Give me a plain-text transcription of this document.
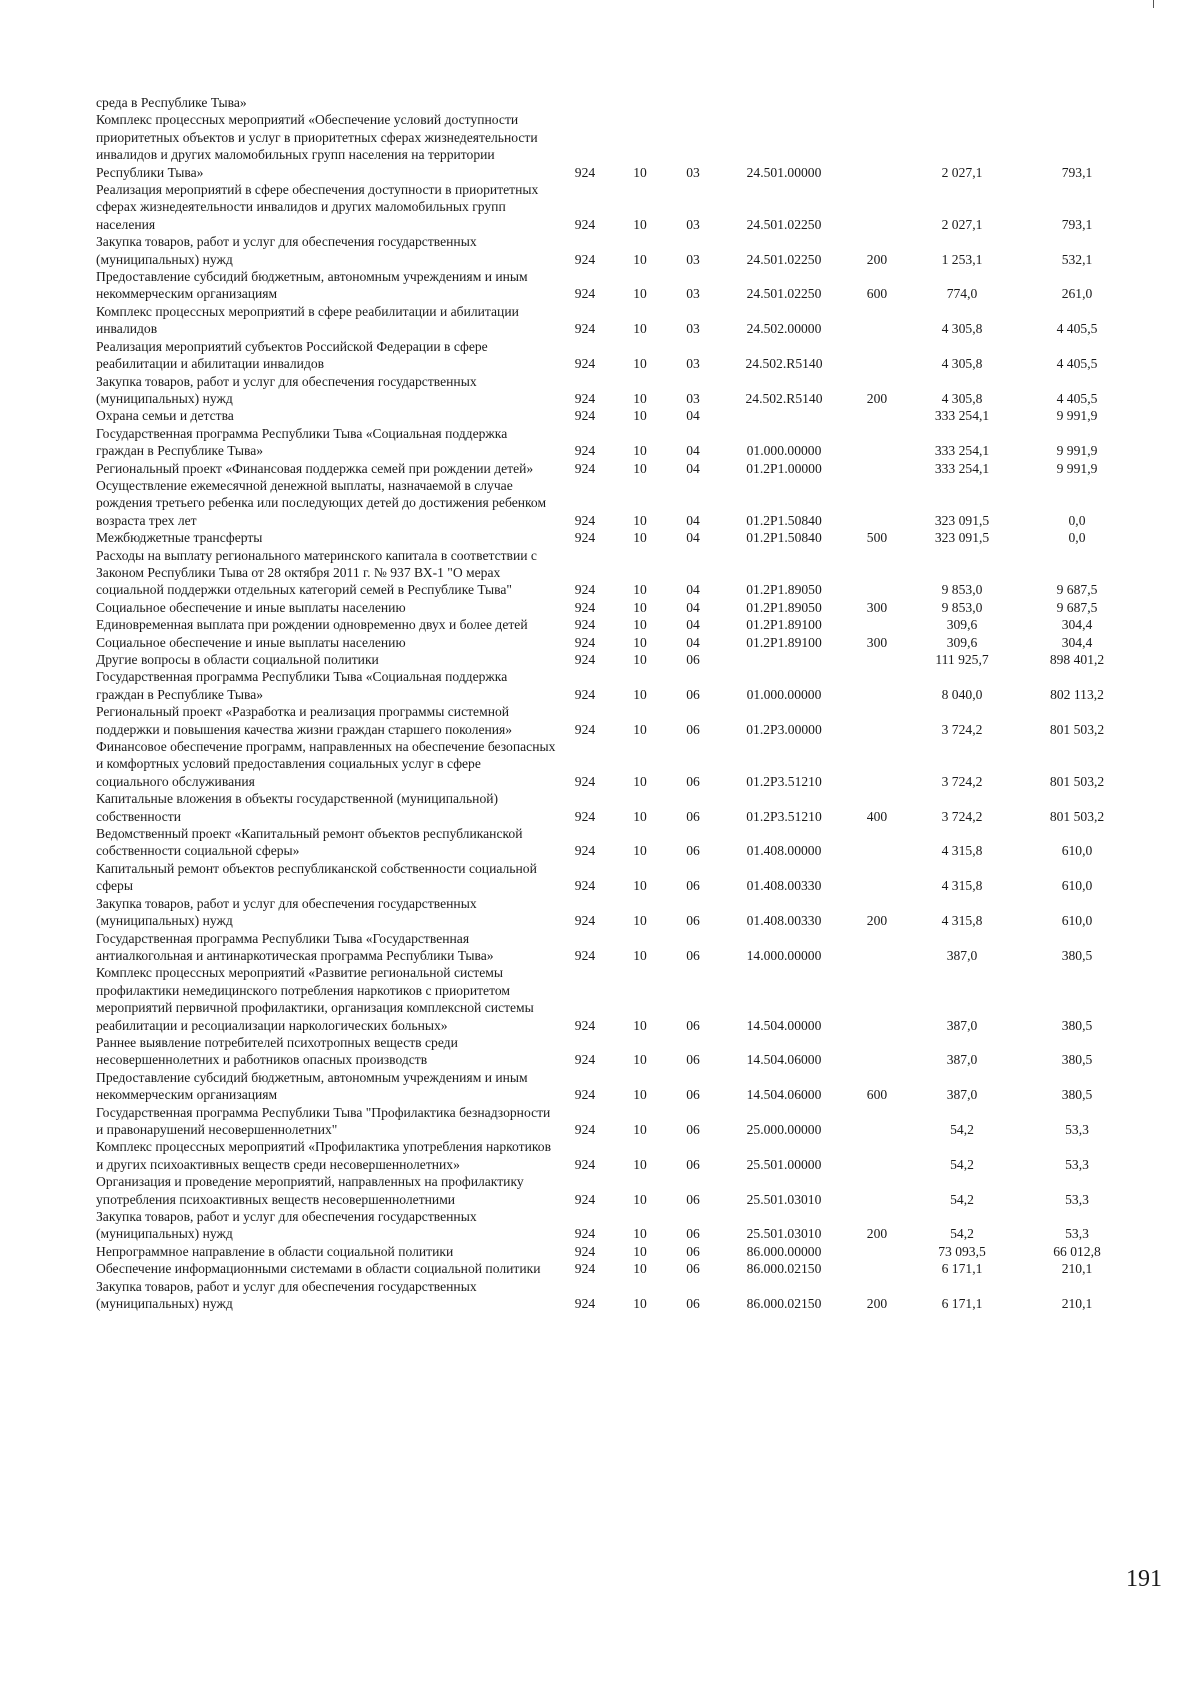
среда в Республике Тыва»							
Комплекс процессных мероприятий «Обеспечение условий доступности приоритетных объектов и услуг в приоритетных сферах жизнедеятельности инвалидов и других маломобильных групп населения на территории Республики Тыва»	924	10	03	24.501.00000		2 027,1	793,1
Реализация мероприятий в сфере обеспечения доступности в приоритетных сферах жизнедеятельности инвалидов и других маломобильных групп населения	924	10	03	24.501.02250		2 027,1	793,1
Закупка товаров, работ и услуг для обеспечения государственных (муниципальных) нужд	924	10	03	24.501.02250	200	1 253,1	532,1
Предоставление субсидий бюджетным, автономным учреждениям и иным некоммерческим организациям	924	10	03	24.501.02250	600	774,0	261,0
Комплекс процессных мероприятий в сфере реабилитации и абилитации инвалидов	924	10	03	24.502.00000		4 305,8	4 405,5
Реализация мероприятий субъектов Российской Федерации в сфере реабилитации и абилитации инвалидов	924	10	03	24.502.R5140		4 305,8	4 405,5
Закупка товаров, работ и услуг для обеспечения государственных (муниципальных) нужд	924	10	03	24.502.R5140	200	4 305,8	4 405,5
Охрана семьи и детства	924	10	04			333 254,1	9 991,9
Государственная программа Республики Тыва «Социальная поддержка граждан в Республике Тыва»	924	10	04	01.000.00000		333 254,1	9 991,9
Региональный проект «Финансовая поддержка семей при рождении детей»	924	10	04	01.2P1.00000		333 254,1	9 991,9
Осуществление ежемесячной денежной выплаты, назначаемой в случае рождения третьего ребенка или последующих детей до достижения ребенком возраста трех лет	924	10	04	01.2P1.50840		323 091,5	0,0
Межбюджетные трансферты	924	10	04	01.2P1.50840	500	323 091,5	0,0
Расходы на выплату регионального материнского капитала в соответствии с Законом Республики Тыва от 28 октября 2011 г. № 937 ВХ-1 "О мерах социальной поддержки отдельных категорий семей в Республике Тыва"	924	10	04	01.2P1.89050		9 853,0	9 687,5
Социальное обеспечение и иные выплаты населению	924	10	04	01.2P1.89050	300	9 853,0	9 687,5
Единовременная выплата при рождении одновременно двух и более детей	924	10	04	01.2P1.89100		309,6	304,4
Социальное обеспечение и иные выплаты населению	924	10	04	01.2P1.89100	300	309,6	304,4
Другие вопросы в области социальной политики	924	10	06			111 925,7	898 401,2
Государственная программа Республики Тыва «Социальная поддержка граждан в Республике Тыва»	924	10	06	01.000.00000		8 040,0	802 113,2
Региональный проект «Разработка и реализация программы системной поддержки и повышения качества жизни граждан старшего поколения»	924	10	06	01.2P3.00000		3 724,2	801 503,2
Финансовое обеспечение программ, направленных на обеспечение безопасных и комфортных условий предоставления социальных услуг в сфере социального обслуживания	924	10	06	01.2P3.51210		3 724,2	801 503,2
Капитальные вложения в объекты государственной (муниципальной) собственности	924	10	06	01.2P3.51210	400	3 724,2	801 503,2
Ведомственный проект «Капитальный ремонт объектов республиканской собственности социальной сферы»	924	10	06	01.408.00000		4 315,8	610,0
Капитальный ремонт объектов республиканской собственности социальной сферы	924	10	06	01.408.00330		4 315,8	610,0
Закупка товаров, работ и услуг для обеспечения государственных (муниципальных) нужд	924	10	06	01.408.00330	200	4 315,8	610,0
Государственная программа Республики Тыва «Государственная антиалкогольная и антинаркотическая программа Республики Тыва»	924	10	06	14.000.00000		387,0	380,5
Комплекс процессных мероприятий «Развитие региональной системы профилактики немедицинского потребления наркотиков с приоритетом мероприятий первичной профилактики, организация комплексной системы реабилитации и ресоциализации наркологических больных»	924	10	06	14.504.00000		387,0	380,5
Раннее выявление потребителей психотропных веществ среди несовершеннолетних и работников опасных производств	924	10	06	14.504.06000		387,0	380,5
Предоставление субсидий бюджетным, автономным учреждениям и иным некоммерческим организациям	924	10	06	14.504.06000	600	387,0	380,5
Государственная программа Республики Тыва "Профилактика безнадзорности и правонарушений несовершеннолетних"	924	10	06	25.000.00000		54,2	53,3
Комплекс процессных мероприятий «Профилактика употребления наркотиков и других психоактивных веществ среди несовершеннолетних»	924	10	06	25.501.00000		54,2	53,3
Организация и проведение мероприятий, направленных на профилактику употребления психоактивных веществ несовершеннолетними	924	10	06	25.501.03010		54,2	53,3
Закупка товаров, работ и услуг для обеспечения государственных (муниципальных) нужд	924	10	06	25.501.03010	200	54,2	53,3
Непрограммное направление в области социальной политики	924	10	06	86.000.00000		73 093,5	66 012,8
Обеспечение информационными системами в области социальной политики	924	10	06	86.000.02150		6 171,1	210,1
Закупка товаров, работ и услуг для обеспечения государственных (муниципальных) нужд	924	10	06	86.000.02150	200	6 171,1	210,1
191
